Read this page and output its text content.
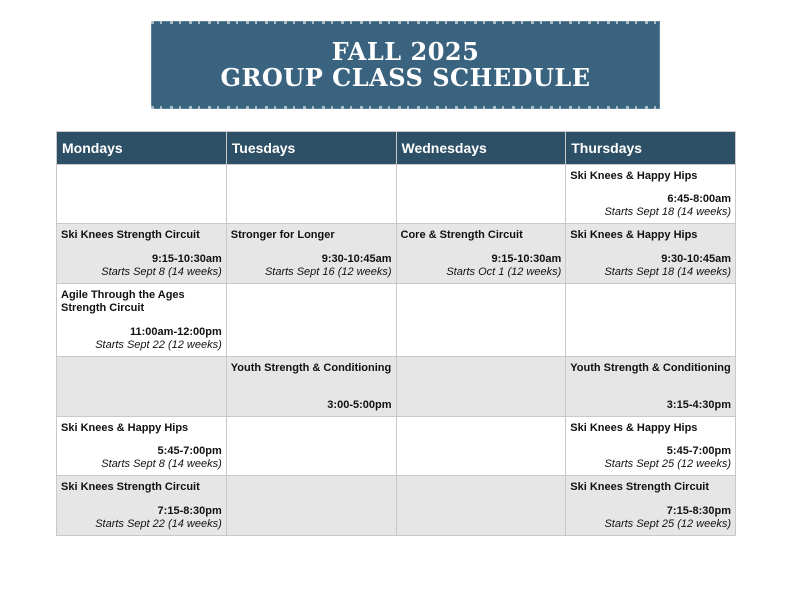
FALL 2025
GROUP CLASS SCHEDULE
Mondays	Tuesdays	Wednesdays	Thursdays

			Ski Knees & Happy Hips
6:45-8:00am
Starts Sept 18 (14 weeks)

Ski Knees Strength Circuit
9:15-10:30am
Starts Sept 8 (14 weeks)	Stronger for Longer
9:30-10:45am
Starts Sept 16 (12 weeks)	Core & Strength Circuit
9:15-10:30am
Starts Oct 1 (12 weeks)	Ski Knees & Happy Hips
9:30-10:45am
Starts Sept 18 (14 weeks)

Agile Through the Ages Strength Circuit
11:00am-12:00pm
Starts Sept 22 (12 weeks)			

	Youth Strength & Conditioning
3:00-5:00pm		Youth Strength & Conditioning
3:15-4:30pm

Ski Knees & Happy Hips
5:45-7:00pm
Starts Sept 8 (14 weeks)			Ski Knees & Happy Hips
5:45-7:00pm
Starts Sept 25 (12 weeks)

Ski Knees Strength Circuit
7:15-8:30pm
Starts Sept 22 (14 weeks)			Ski Knees Strength Circuit
7:15-8:30pm
Starts Sept 25 (12 weeks)
